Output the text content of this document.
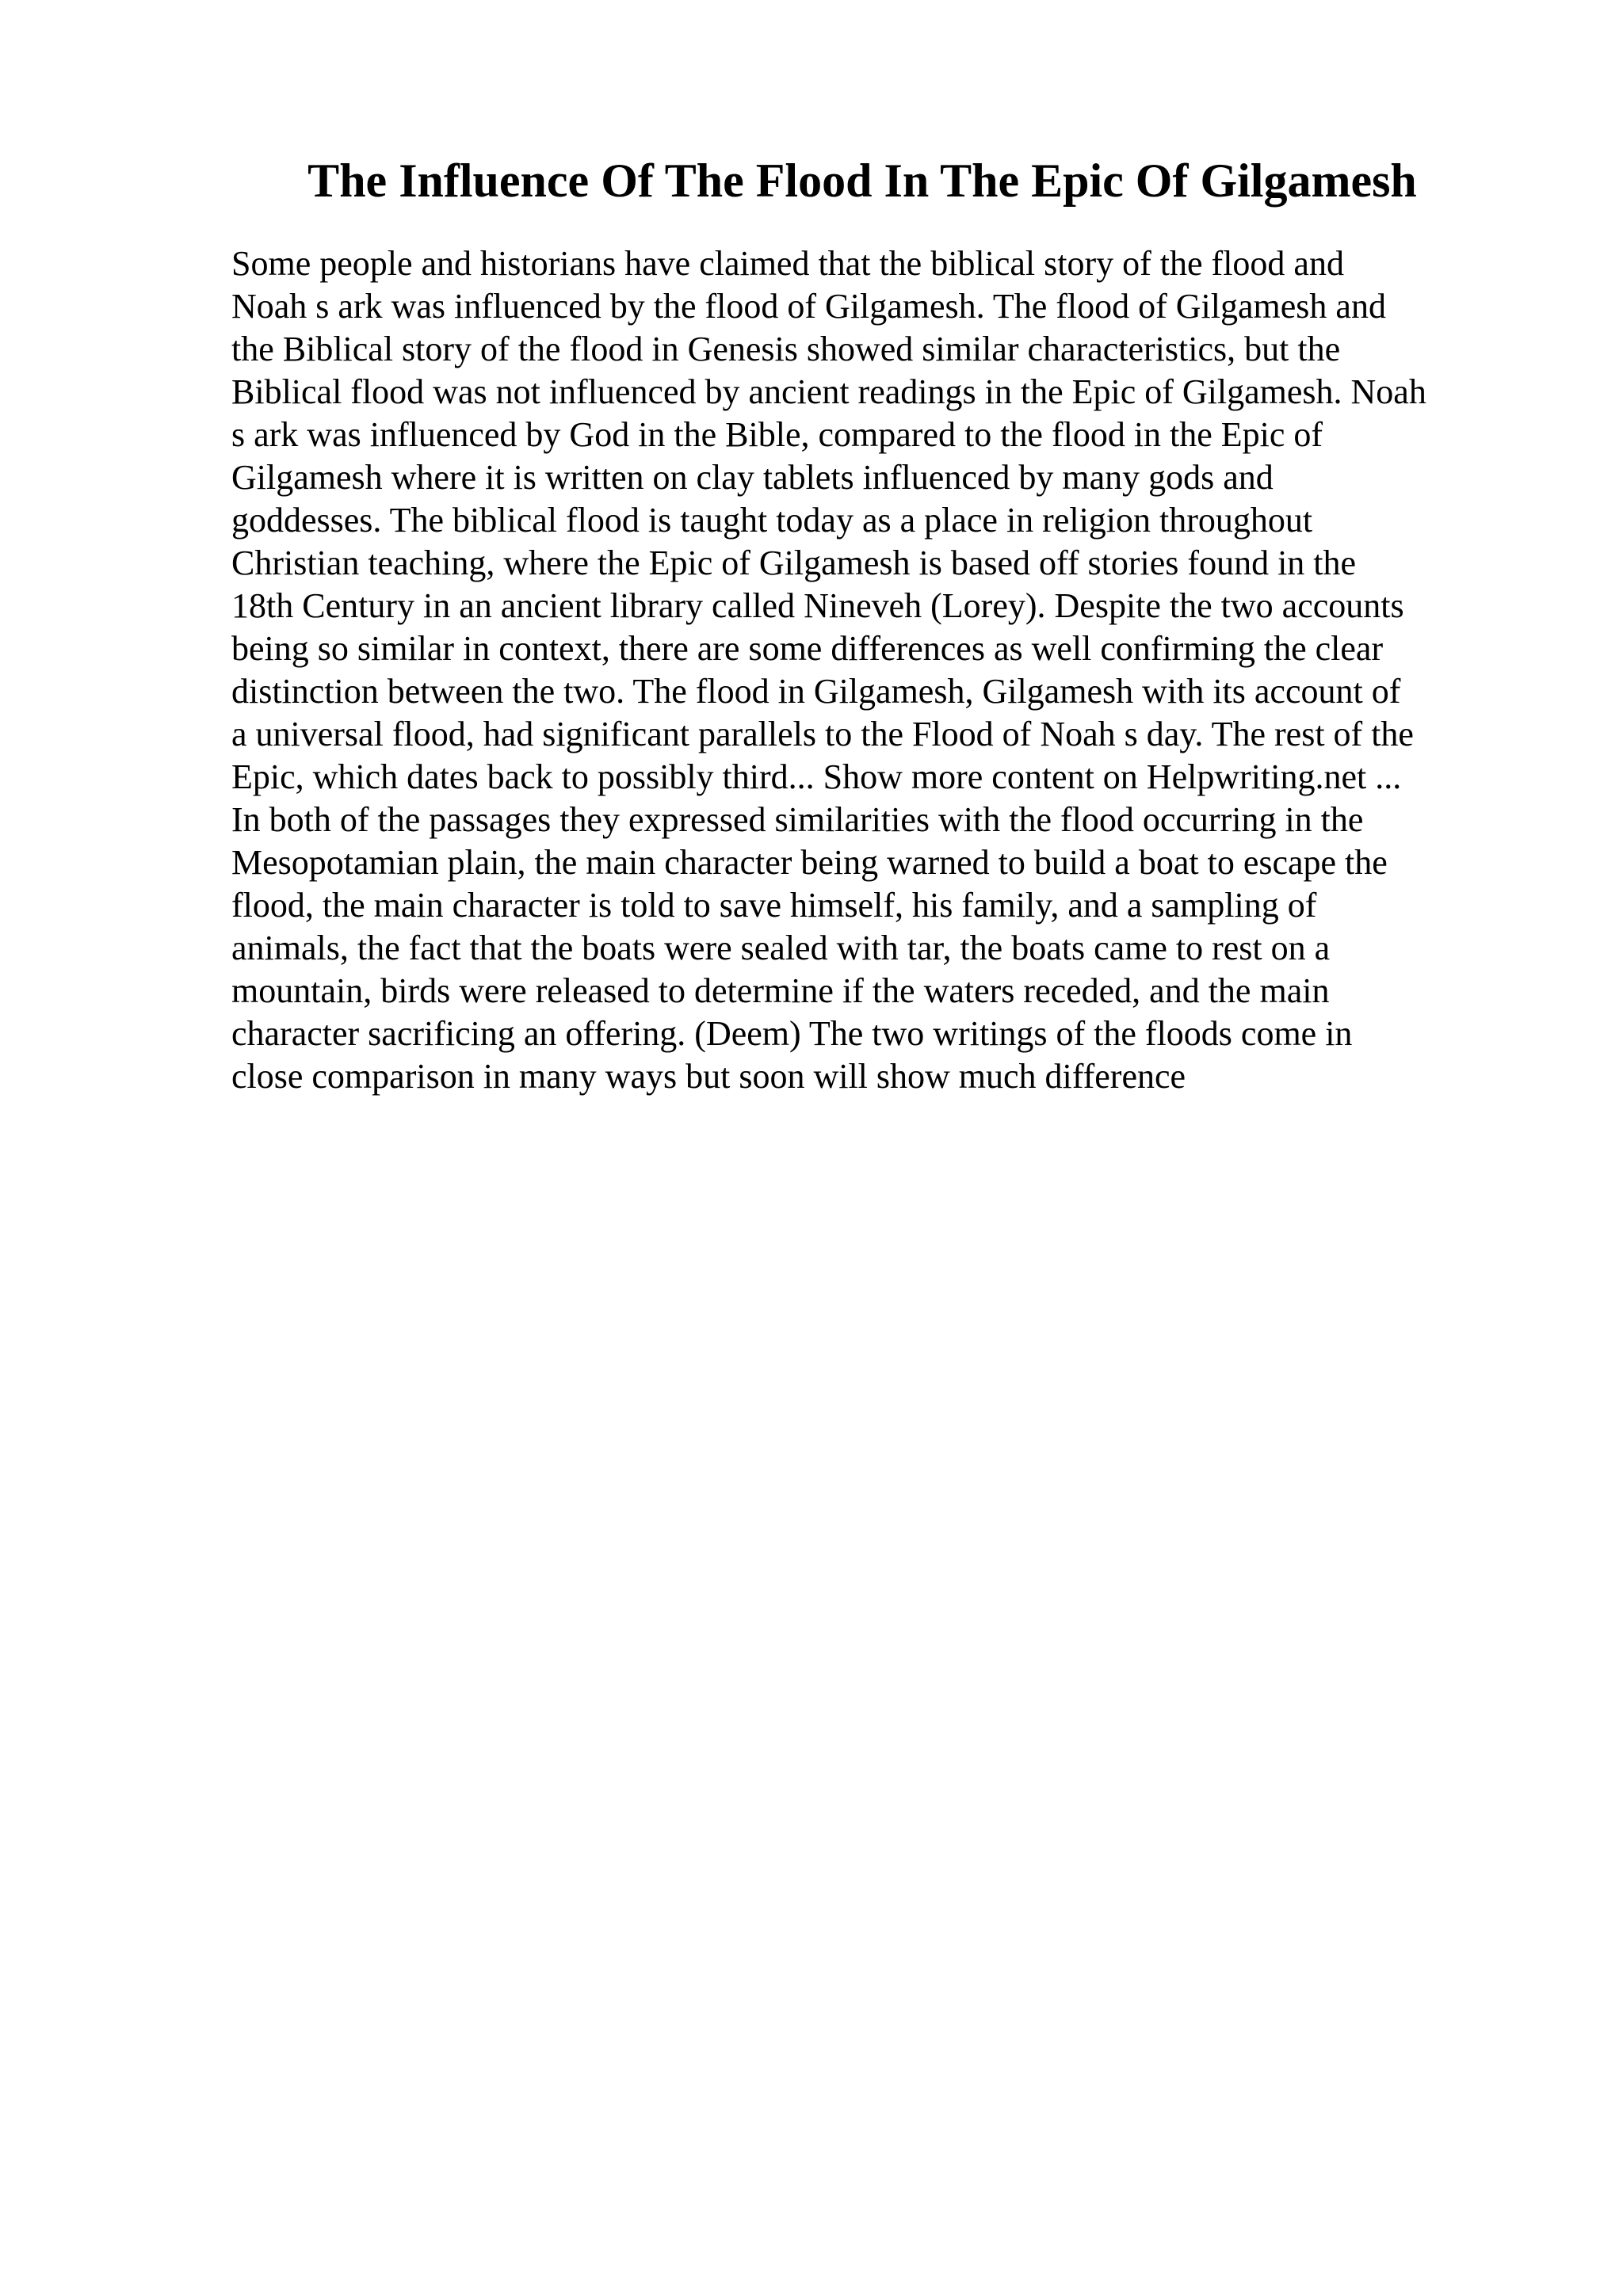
The Influence Of The Flood In The Epic Of Gilgamesh
Some people and historians have claimed that the biblical story of the flood and
Noah s ark was influenced by the flood of Gilgamesh. The flood of Gilgamesh and
the Biblical story of the flood in Genesis showed similar characteristics, but the
Biblical flood was not influenced by ancient readings in the Epic of Gilgamesh. Noah
s ark was influenced by God in the Bible, compared to the flood in the Epic of
Gilgamesh where it is written on clay tablets influenced by many gods and
goddesses. The biblical flood is taught today as a place in religion throughout
Christian teaching, where the Epic of Gilgamesh is based off stories found in the
18th Century in an ancient library called Nineveh (Lorey). Despite the two accounts
being so similar in context, there are some differences as well confirming the clear
distinction between the two. The flood in Gilgamesh, Gilgamesh with its account of
a universal flood, had significant parallels to the Flood of Noah s day. The rest of the
Epic, which dates back to possibly third... Show more content on Helpwriting.net ...
In both of the passages they expressed similarities with the flood occurring in the
Mesopotamian plain, the main character being warned to build a boat to escape the
flood, the main character is told to save himself, his family, and a sampling of
animals, the fact that the boats were sealed with tar, the boats came to rest on a
mountain, birds were released to determine if the waters receded, and the main
character sacrificing an offering. (Deem) The two writings of the floods come in
close comparison in many ways but soon will show much difference
